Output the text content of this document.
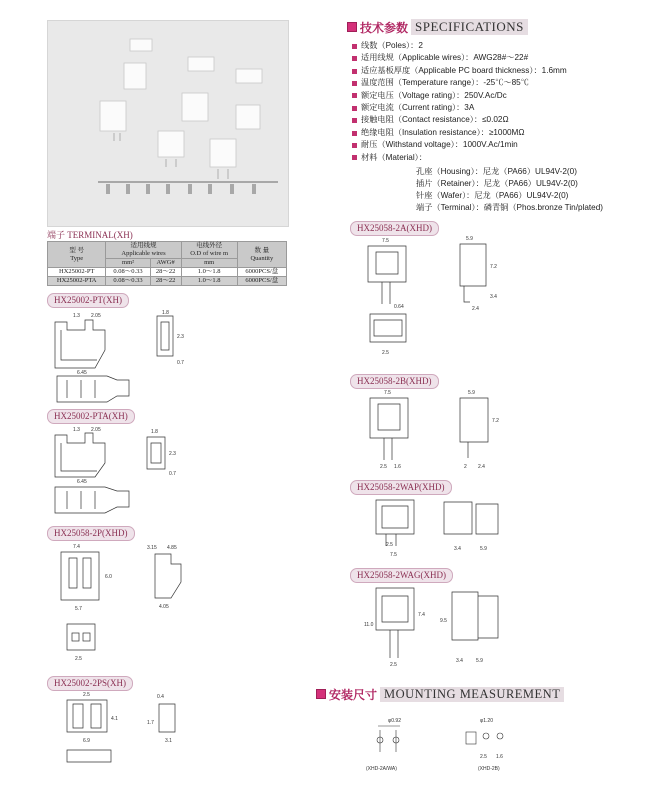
端子 TERMINAL(XH)
型 号
Type	适用线规
Applicable wires		电线外径
O.D of wire m	数 量
Quantity
	mm²	AWG#	mm	
HX25002-PT	0.08～0.33	28～22	1.0～1.8	6000PCS/盘
HX25002-PTA	0.08～0.33	28～22	1.0～1.8	6000PCS/盘
HX25002-PT(XH)
1.3 2.05	1.8
2.3
6.45
0.7
HX25002-PTA(XH)
1.3 2.05	1.8
2.3
6.45
0.7
HX25058-2P(XHD)
7.4	3.15 4.85
6.0
5.7	4.05
2.5
HX25002-2PS(XH)
2.5	0.4
4.1
1.7
6.9	3.1
技术参数 SPECIFICATIONS
线数（Poles）：2
适用线规（Applicable wires）：AWG28#～22#
适应基板厚度（Applicable PC board thickness）：1.6mm
温度范围（Temperature range）：-25℃～85℃
额定电压（Voltage rating）：250V.Ac/Dc
额定电流（Current rating）：3A
接触电阻（Contact resistance）：≤0.02Ω
绝缘电阻（Insulation resistance）：≥1000MΩ
耐压（Withstand voltage）：1000V.Ac/1min
材料（Material）：
孔座（Housing）：尼龙（PA66）UL94V-2(0)
插片（Retainer）：尼龙（PA66）UL94V-2(0)
针座（Wafer）：尼龙（PA66）UL94V-2(0)
端子（Terminal）：磷青铜（Phos.bronze Tin/plated)
HX25058-2A(XHD)
7.5	5.9
7.2
3.4
2.4
0.64
2.5
HX25058-2B(XHD)
7.5	5.9
7.2
2.5 1.6	2 2.4
HX25058-2WAP(XHD)
7.5
2.5
3.4	5.9
HX25058-2WAG(XHD)
11.0
7.4
9.5
2.5
3.4	5.9
安装尺寸 MOUNTING MEASUREMENT
φ0.92	φ1.20
2.5 1.6
(XHD-2A/WA)	(XHD-2B)
